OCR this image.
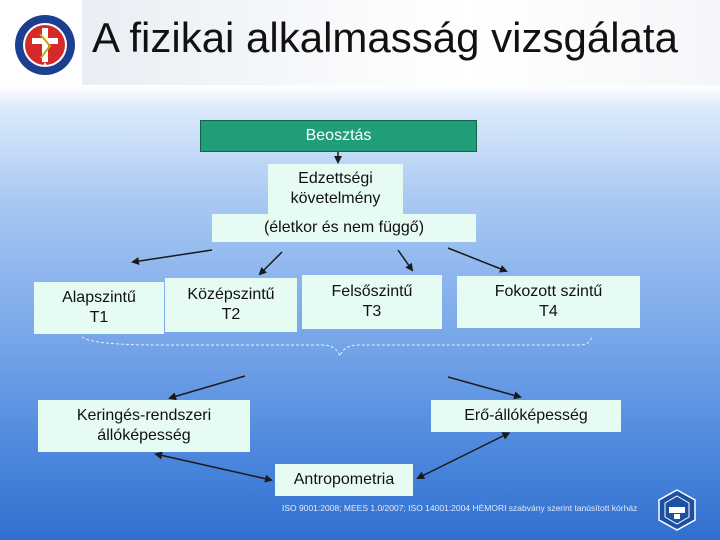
A fizikai alkalmasság vizsgálata
Beosztás
Edzettségi
követelmény
(életkor és nem függő)
Alapszintű
T1
Középszintű
T2
Felsőszintű
T3
Fokozott szintű
T4
Keringés-rendszeri
állóképesség
Erő-állóképesség
Antropometria
ISO 9001:2008; MEES 1.0/2007; ISO 14001:2004 HÉMORI szabvány szerint tanúsított kórház
